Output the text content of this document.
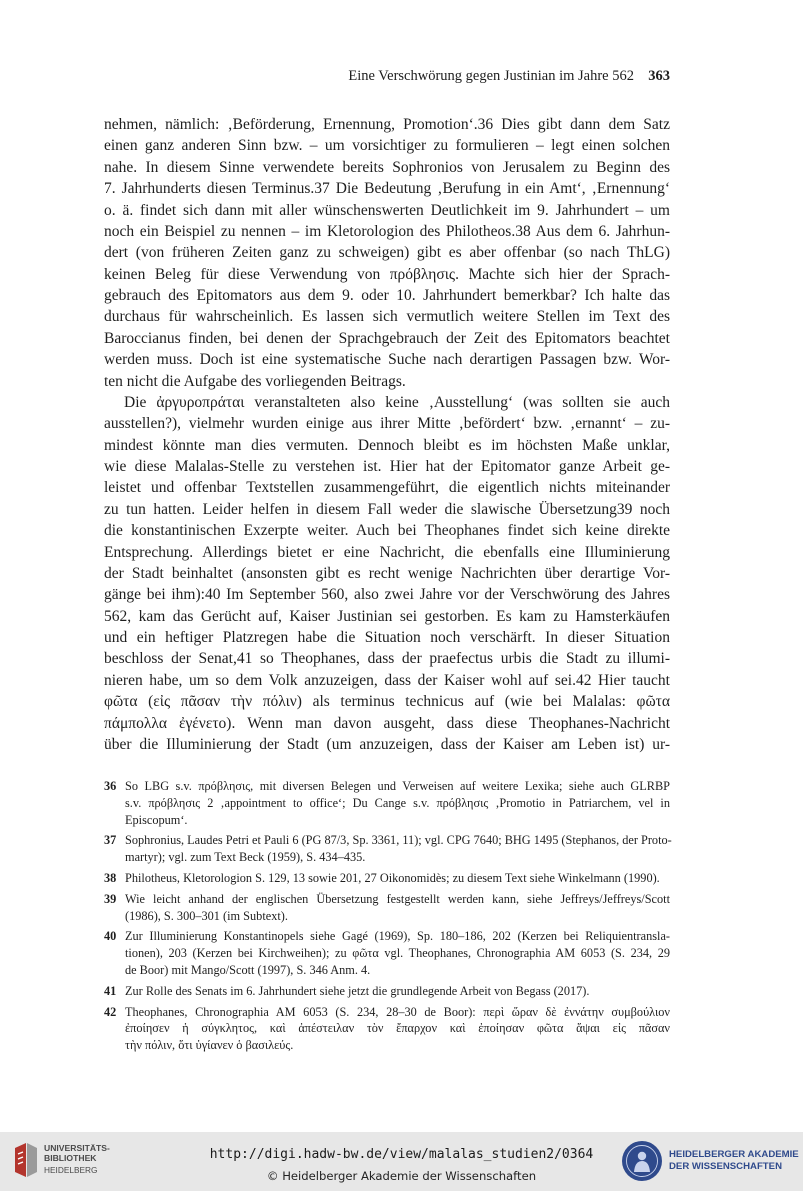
Eine Verschwörung gegen Justinian im Jahre 562 363
nehmen, nämlich: ‚Beförderung, Ernennung, Promotion‘.36 Dies gibt dann dem Satz
einen ganz anderen Sinn bzw. – um vorsichtiger zu formulieren – legt einen solchen
nahe. In diesem Sinne verwendete bereits Sophronios von Jerusalem zu Beginn des
7. Jahrhunderts diesen Terminus.37 Die Bedeutung ‚Berufung in ein Amt‘, ‚Ernennung‘
o. ä. findet sich dann mit aller wünschenswerten Deutlichkeit im 9. Jahrhundert – um
noch ein Beispiel zu nennen – im Kletorologion des Philotheos.38 Aus dem 6. Jahrhun-
dert (von früheren Zeiten ganz zu schweigen) gibt es aber offenbar (so nach ThLG)
keinen Beleg für diese Verwendung von πρόβλησις. Machte sich hier der Sprach-
gebrauch des Epitomators aus dem 9. oder 10. Jahrhundert bemerkbar? Ich halte das
durchaus für wahrscheinlich. Es lassen sich vermutlich weitere Stellen im Text des
Baroccianus finden, bei denen der Sprachgebrauch der Zeit des Epitomators beachtet
werden muss. Doch ist eine systematische Suche nach derartigen Passagen bzw. Wor-
ten nicht die Aufgabe des vorliegenden Beitrags.
Die ἀργυροπράται veranstalteten also keine ‚Ausstellung‘ (was sollten sie auch
ausstellen?), vielmehr wurden einige aus ihrer Mitte ‚befördert‘ bzw. ‚ernannt‘ – zu-
mindest könnte man dies vermuten. Dennoch bleibt es im höchsten Maße unklar,
wie diese Malalas-Stelle zu verstehen ist. Hier hat der Epitomator ganze Arbeit ge-
leistet und offenbar Textstellen zusammengeführt, die eigentlich nichts miteinander
zu tun hatten. Leider helfen in diesem Fall weder die slawische Übersetzung39 noch
die konstantinischen Exzerpte weiter. Auch bei Theophanes findet sich keine direkte
Entsprechung. Allerdings bietet er eine Nachricht, die ebenfalls eine Illuminierung
der Stadt beinhaltet (ansonsten gibt es recht wenige Nachrichten über derartige Vor-
gänge bei ihm):40 Im September 560, also zwei Jahre vor der Verschwörung des Jahres
562, kam das Gerücht auf, Kaiser Justinian sei gestorben. Es kam zu Hamsterkäufen
und ein heftiger Platzregen habe die Situation noch verschärft. In dieser Situation
beschloss der Senat,41 so Theophanes, dass der praefectus urbis die Stadt zu illumi-
nieren habe, um so dem Volk anzuzeigen, dass der Kaiser wohl auf sei.42 Hier taucht
φῶτα (εἰς πᾶσαν τὴν πόλιν) als terminus technicus auf (wie bei Malalas: φῶτα
πάμπολλα ἐγένετο). Wenn man davon ausgeht, dass diese Theophanes-Nachricht
über die Illuminierung der Stadt (um anzuzeigen, dass der Kaiser am Leben ist) ur-
36 So LBG s.v. πρόβλησις, mit diversen Belegen und Verweisen auf weitere Lexika; siehe auch GLRBP
s.v. πρόβλησις 2 ‚appointment to office‘; Du Cange s.v. πρόβλησις ‚Promotio in Patriarchem, vel in
Episcopum‘.
37 Sophronius, Laudes Petri et Pauli 6 (PG 87/3, Sp. 3361, 11); vgl. CPG 7640; BHG 1495 (Stephanos, der Proto-
martyr); vgl. zum Text Beck (1959), S. 434–435.
38 Philotheus, Kletorologion S. 129, 13 sowie 201, 27 Oikonomidès; zu diesem Text siehe Winkelmann (1990).
39 Wie leicht anhand der englischen Übersetzung festgestellt werden kann, siehe Jeffreys/Jeffreys/Scott
(1986), S. 300–301 (im Subtext).
40 Zur Illuminierung Konstantinopels siehe Gagé (1969), Sp. 180–186, 202 (Kerzen bei Reliquientransla-
tionen), 203 (Kerzen bei Kirchweihen); zu φῶτα vgl. Theophanes, Chronographia AM 6053 (S. 234, 29
de Boor) mit Mango/Scott (1997), S. 346 Anm. 4.
41 Zur Rolle des Senats im 6. Jahrhundert siehe jetzt die grundlegende Arbeit von Begass (2017).
42 Theophanes, Chronographia AM 6053 (S. 234, 28–30 de Boor): περὶ ὥραν δὲ ἐννάτην συμβούλιον
ἐποίησεν ἡ σύγκλητος, καὶ ἀπέστειλαν τὸν ἔπαρχον καὶ ἐποίησαν φῶτα ἅψαι εἰς πᾶσαν
τὴν πόλιν, ὅτι ὑγίανεν ὁ βασιλεύς.
UNIVERSITÄTS-
BIBLIOTHEK
HEIDELBERG
http://digi.hadw-bw.de/view/malalas_studien2/0364
© Heidelberger Akademie der Wissenschaften
HEIDELBERGER AKADEMIE
DER WISSENSCHAFTEN
